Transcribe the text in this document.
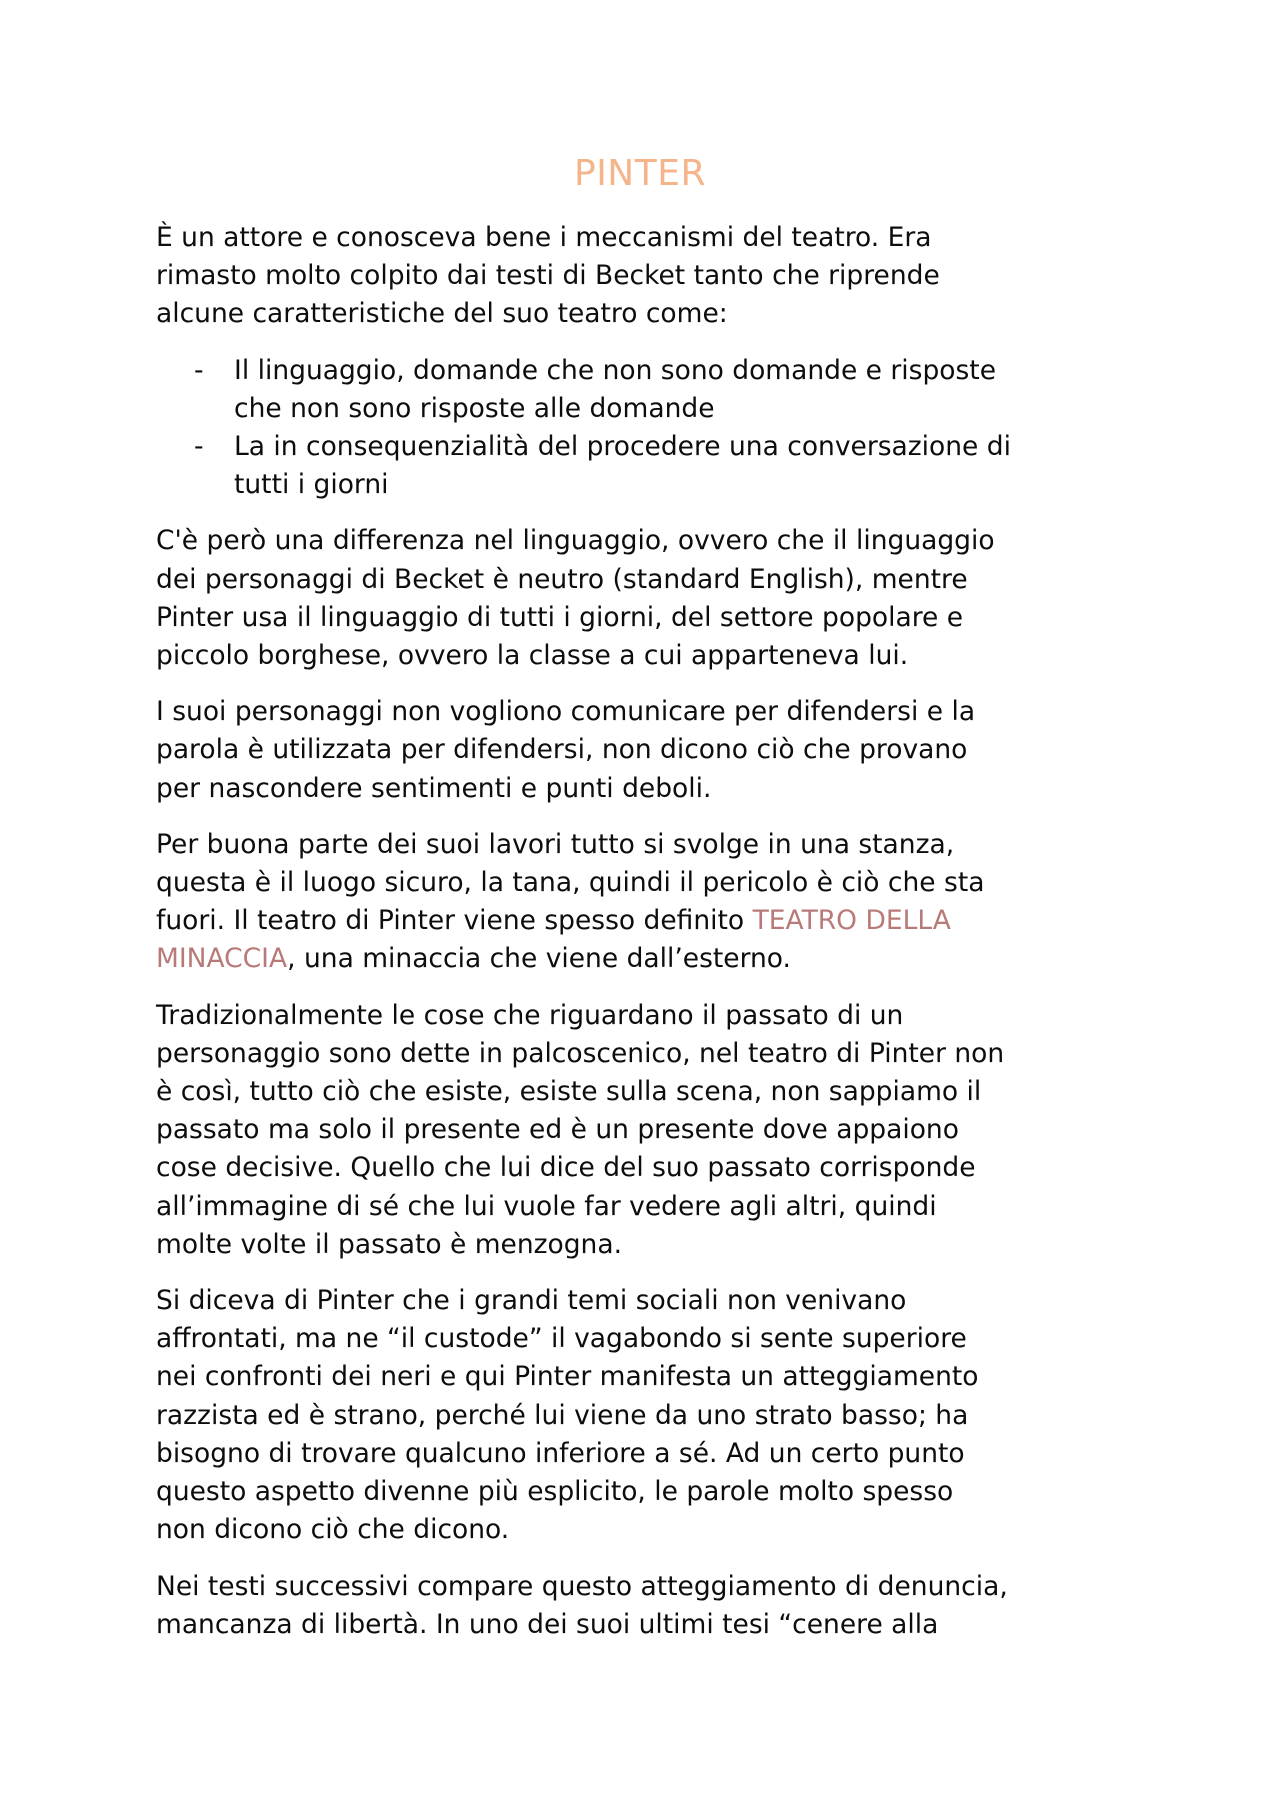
PINTER

È un attore e conosceva bene i meccanismi del teatro. Era
rimasto molto colpito dai testi di Becket tanto che riprende
alcune caratteristiche del suo teatro come:

- Il linguaggio, domande che non sono domande e risposte
che non sono risposte alle domande
- La in consequenzialità del procedere una conversazione di
tutti i giorni

C'è però una differenza nel linguaggio, ovvero che il linguaggio
dei personaggi di Becket è neutro (standard English), mentre
Pinter usa il linguaggio di tutti i giorni, del settore popolare e
piccolo borghese, ovvero la classe a cui apparteneva lui.

I suoi personaggi non vogliono comunicare per difendersi e la
parola è utilizzata per difendersi, non dicono ciò che provano
per nascondere sentimenti e punti deboli.

Per buona parte dei suoi lavori tutto si svolge in una stanza,
questa è il luogo sicuro, la tana, quindi il pericolo è ciò che sta
fuori. Il teatro di Pinter viene spesso definito TEATRO DELLA
MINACCIA, una minaccia che viene dall’esterno.

Tradizionalmente le cose che riguardano il passato di un
personaggio sono dette in palcoscenico, nel teatro di Pinter non
è così, tutto ciò che esiste, esiste sulla scena, non sappiamo il
passato ma solo il presente ed è un presente dove appaiono
cose decisive. Quello che lui dice del suo passato corrisponde
all’immagine di sé che lui vuole far vedere agli altri, quindi
molte volte il passato è menzogna.

Si diceva di Pinter che i grandi temi sociali non venivano
affrontati, ma ne “il custode” il vagabondo si sente superiore
nei confronti dei neri e qui Pinter manifesta un atteggiamento
razzista ed è strano, perché lui viene da uno strato basso; ha
bisogno di trovare qualcuno inferiore a sé. Ad un certo punto
questo aspetto divenne più esplicito, le parole molto spesso
non dicono ciò che dicono.

Nei testi successivi compare questo atteggiamento di denuncia,
mancanza di libertà. In uno dei suoi ultimi tesi “cenere alla
